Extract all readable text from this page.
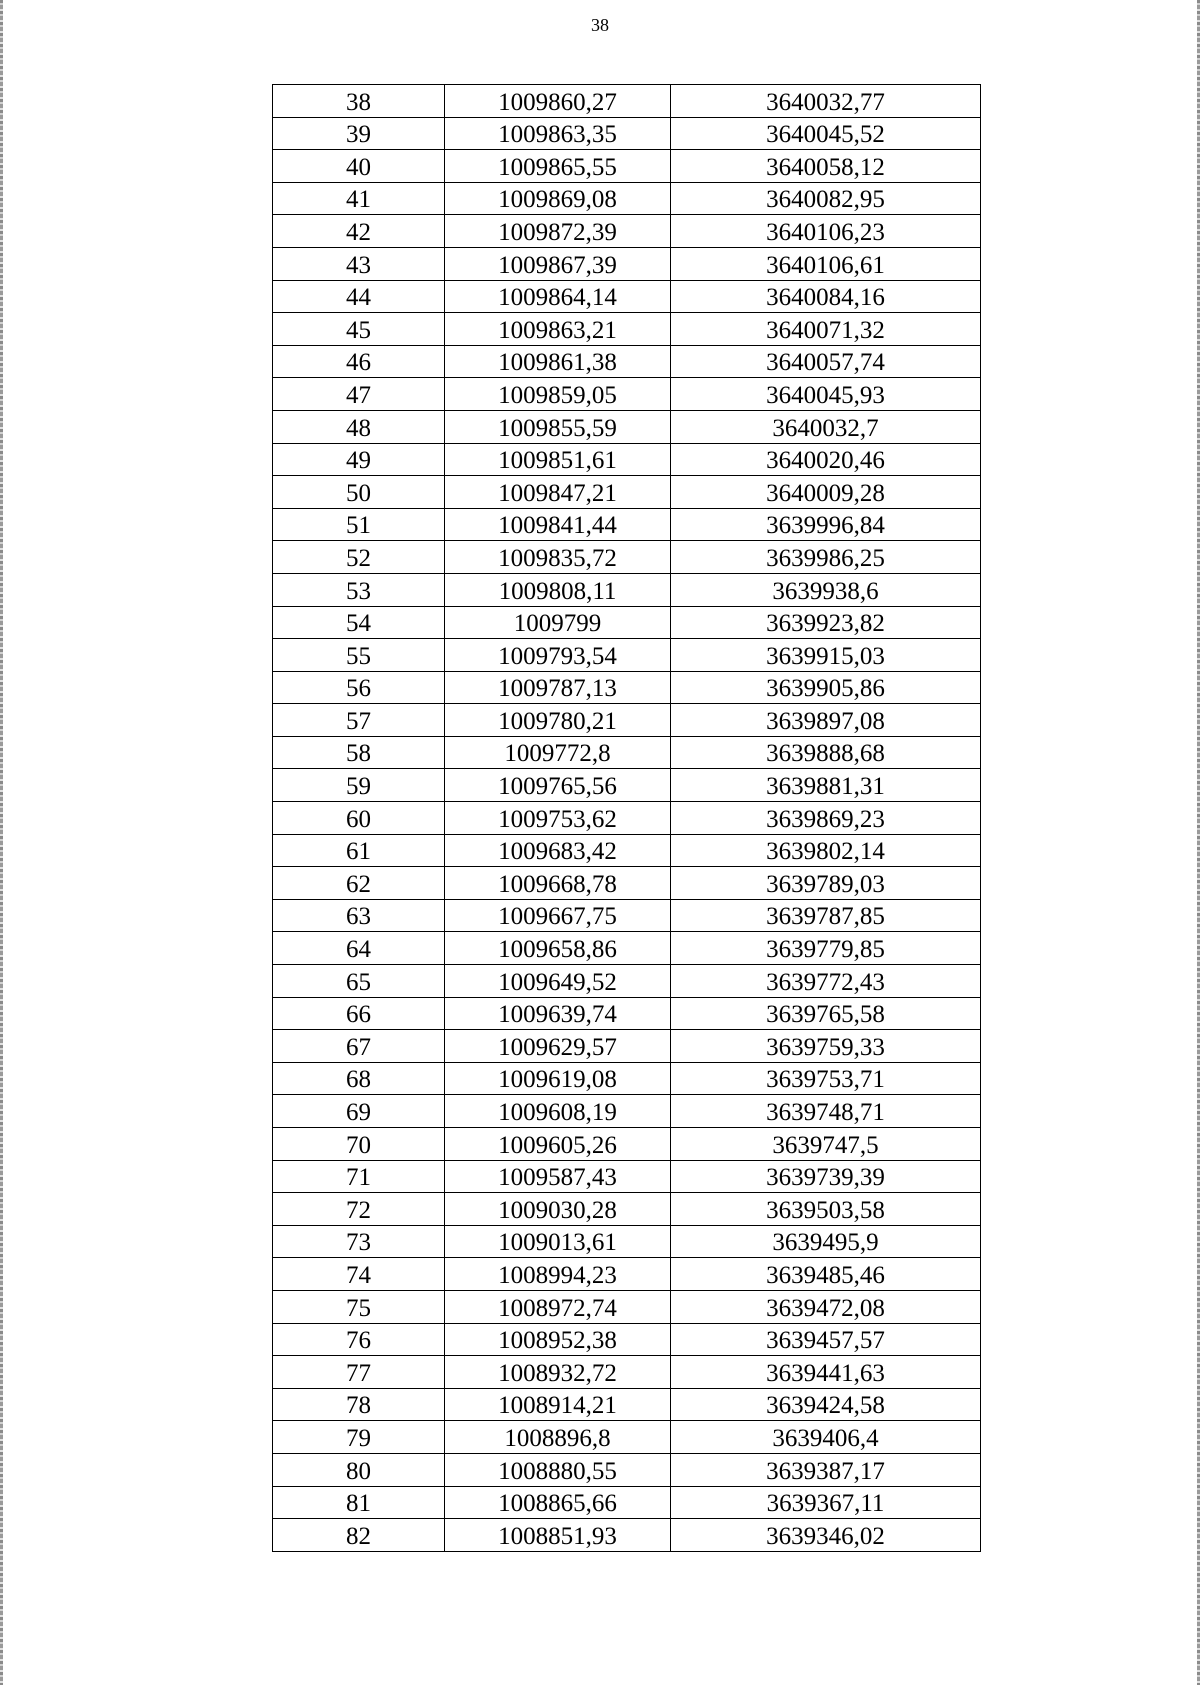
38
38	1009860,27	3640032,77
39	1009863,35	3640045,52
40	1009865,55	3640058,12
41	1009869,08	3640082,95
42	1009872,39	3640106,23
43	1009867,39	3640106,61
44	1009864,14	3640084,16
45	1009863,21	3640071,32
46	1009861,38	3640057,74
47	1009859,05	3640045,93
48	1009855,59	3640032,7
49	1009851,61	3640020,46
50	1009847,21	3640009,28
51	1009841,44	3639996,84
52	1009835,72	3639986,25
53	1009808,11	3639938,6
54	1009799	3639923,82
55	1009793,54	3639915,03
56	1009787,13	3639905,86
57	1009780,21	3639897,08
58	1009772,8	3639888,68
59	1009765,56	3639881,31
60	1009753,62	3639869,23
61	1009683,42	3639802,14
62	1009668,78	3639789,03
63	1009667,75	3639787,85
64	1009658,86	3639779,85
65	1009649,52	3639772,43
66	1009639,74	3639765,58
67	1009629,57	3639759,33
68	1009619,08	3639753,71
69	1009608,19	3639748,71
70	1009605,26	3639747,5
71	1009587,43	3639739,39
72	1009030,28	3639503,58
73	1009013,61	3639495,9
74	1008994,23	3639485,46
75	1008972,74	3639472,08
76	1008952,38	3639457,57
77	1008932,72	3639441,63
78	1008914,21	3639424,58
79	1008896,8	3639406,4
80	1008880,55	3639387,17
81	1008865,66	3639367,11
82	1008851,93	3639346,02
